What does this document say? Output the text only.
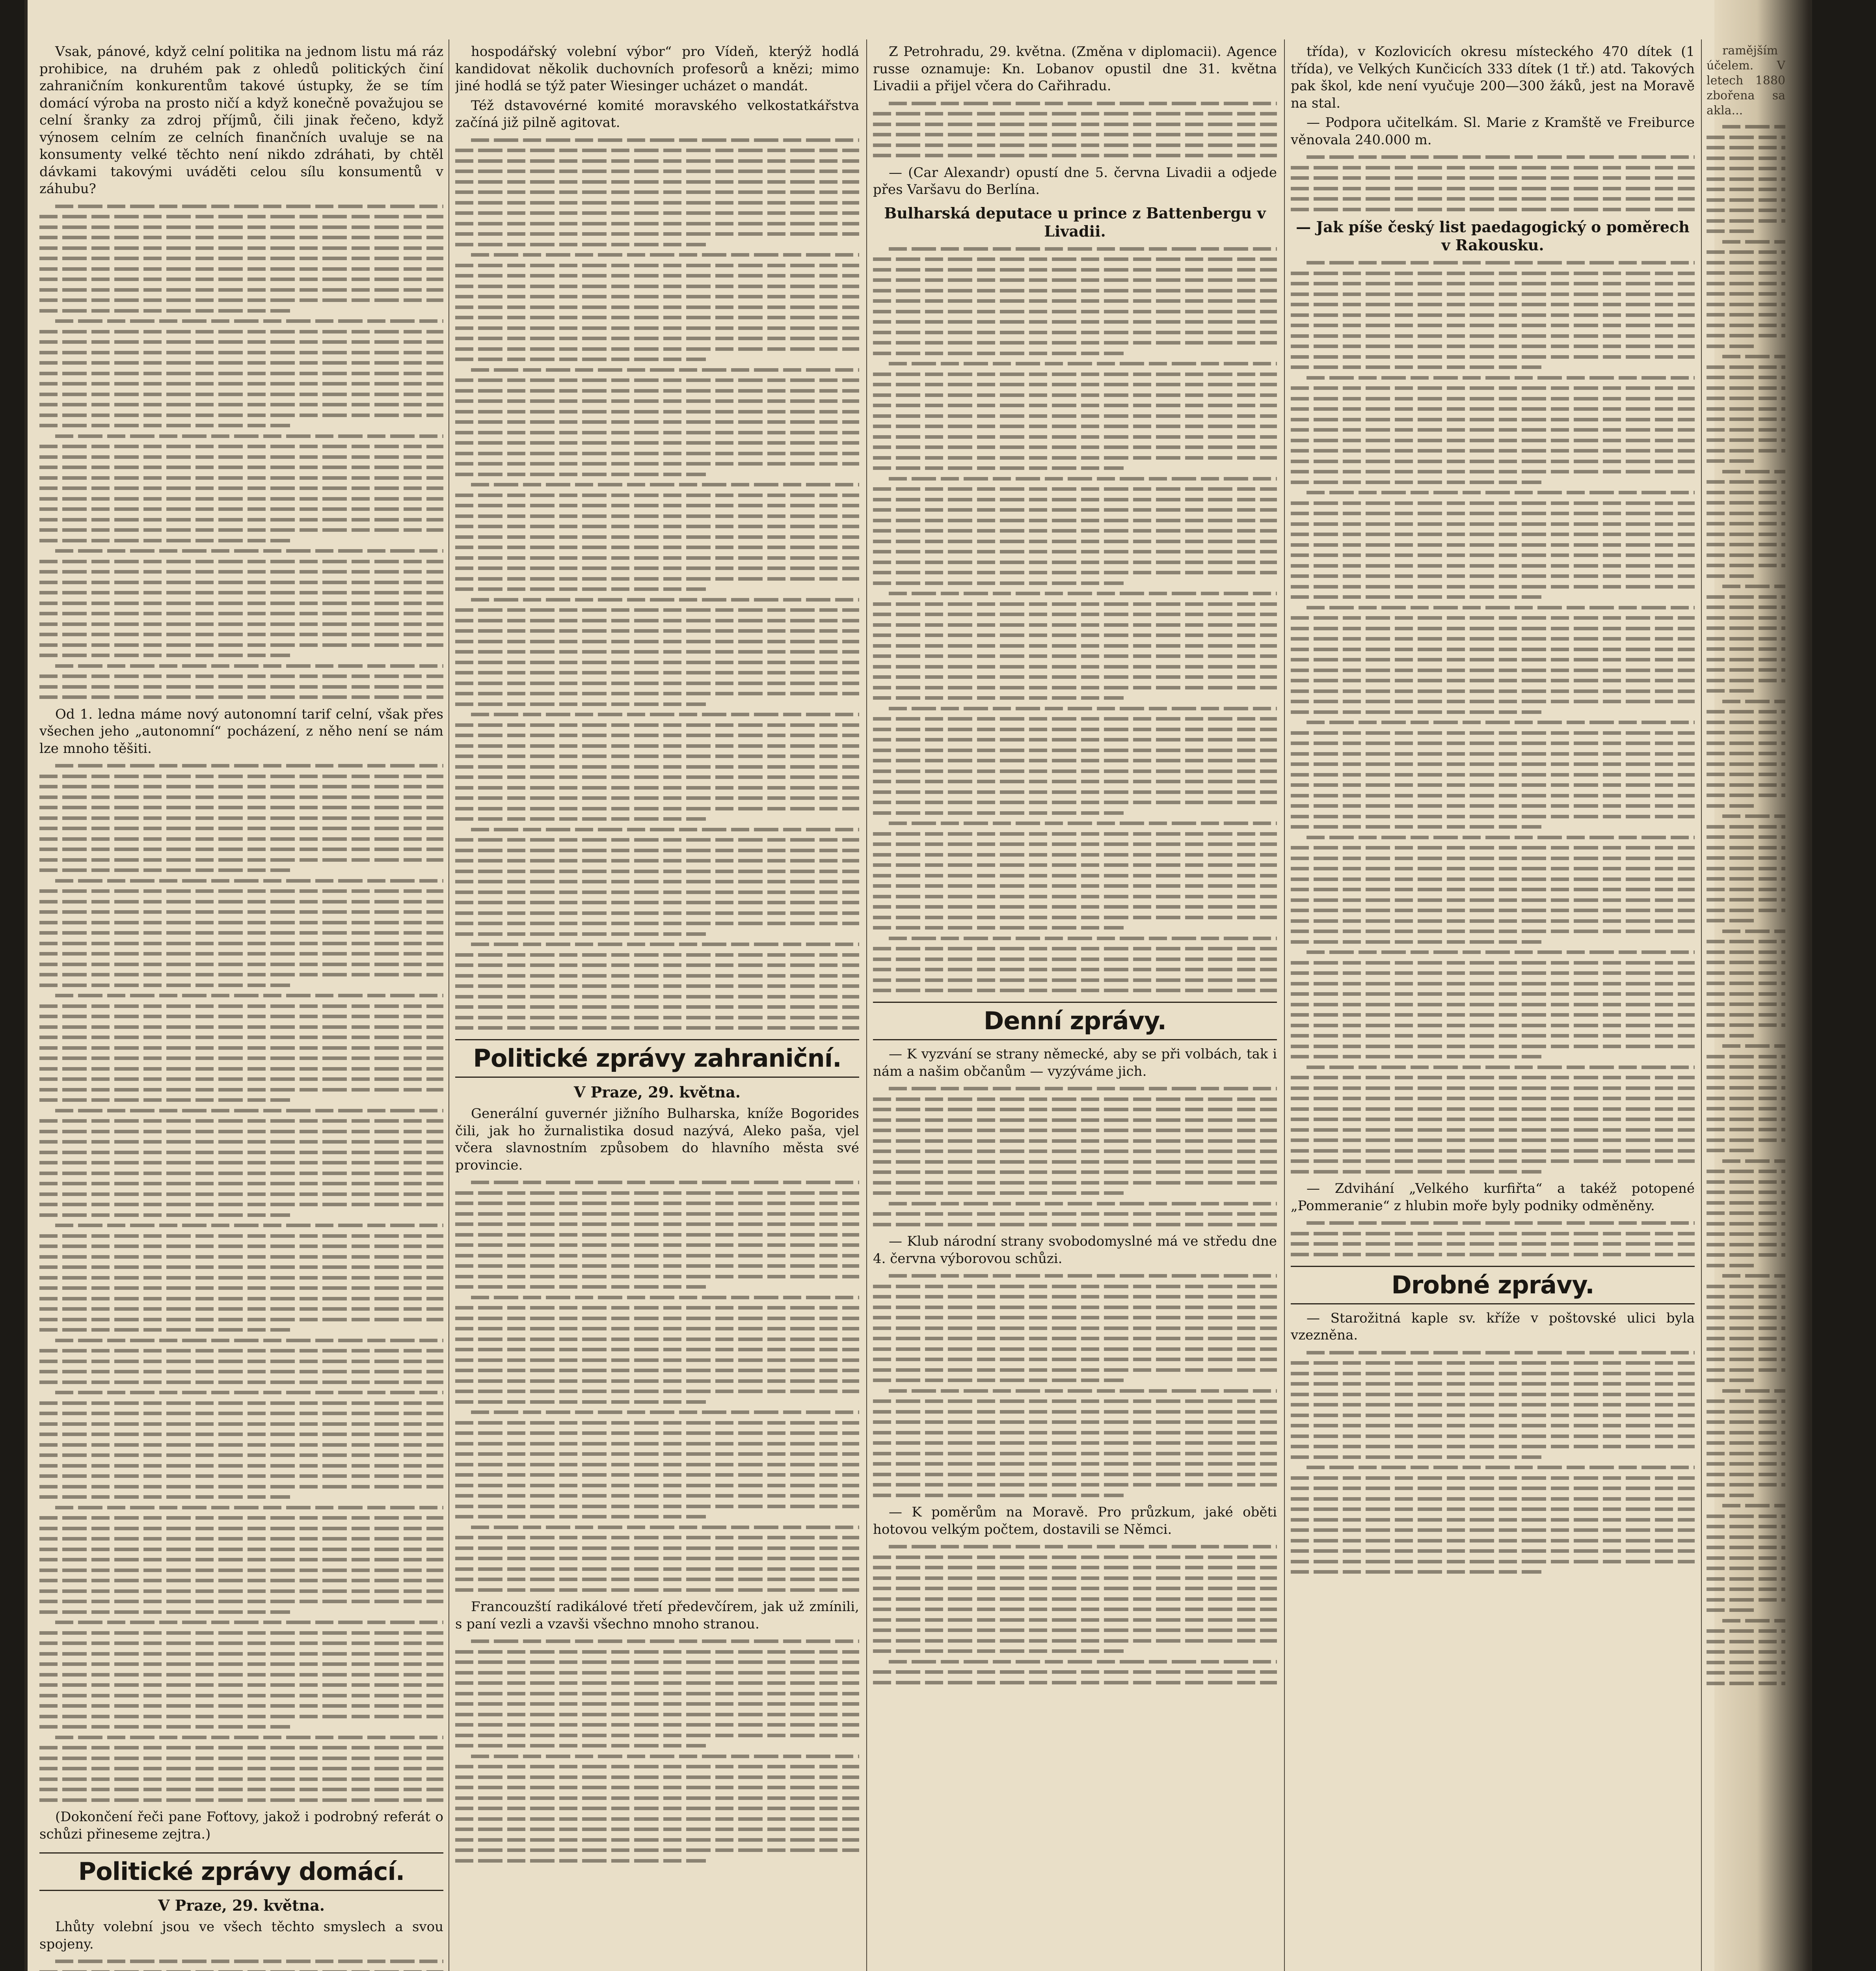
Vsak, pánové, když celní politika na jednom listu má ráz prohibice, na druhém pak z ohledů politických činí zahraničním konkurentům takové ústupky, že se tím domácí výroba na prosto ničí a když konečně považujou se celní šranky za zdroj příjmů, čili jinak řečeno, když výnosem celním ze celních finančních uvaluje se na konsumenty velké těchto není nikdo zdráhati, by chtěl dávkami takovými uváděti celou sílu konsumentů v záhubu?

Od 1. ledna máme nový autonomní tarif celní, však přes všechen jeho „autonomní“ pocházení, z něho není se nám lze mnoho těšiti.

(Dokončení řeči pane Foťtovy, jakož i podrobný referát o schůzi přineseme zejtra.)

Politické zprávy domácí.
V Praze, 29. května.

Lhůty volební jsou ve všech těchto smyslech a svou spojeny.

hospodářský volební výbor“ pro Vídeň, kterýž hodlá kandidovat několik duchovních profesorů a knězi; mimo jiné hodlá se týž pater Wiesinger ucházet o mandát.

Též dstavovérné komité moravského velkostatkářstva začíná již pilně agitovat.

Politické zprávy zahraniční.
V Praze, 29. května.

Generální guvernér jižního Bulharska, kníže Bogorides čili, jak ho žurnalistika dosud nazývá, Aleko paša, vjel včera slavnostním způsobem do hlavního města své provincie.

Francouzští radikálové třetí předevčírem, jak už zmínili, s paní vezli a vzavši všechno mnoho stranou.

Z Petrohradu, 29. května. (Změna v diplomacii). Agence russe oznamuje: Kn. Lobanov opustil dne 31. května Livadii a přijel včera do Cařihradu.

— (Car Alexandr) opustí dne 5. června Livadii a odjede přes Varšavu do Berlína.

Bulharská deputace u prince z Battenbergu v Livadii.
Denní zprávy.

— K vyzvání se strany německé, aby se při volbách, tak i nám a našim občanům — vyzýváme jich.

— Klub národní strany svobodomyslné má ve středu dne 4. června výborovou schůzi.

— K poměrům na Moravě. Pro průzkum, jaké oběti hotovou velkým počtem, dostavili se Němci.

třída), v Kozlovicích okresu místeckého 470 dítek (1 třída), ve Velkých Kunčicích 333 dítek (1 tř.) atd. Takových pak škol, kde není vyučuje 200—300 žáků, jest na Moravě na stal.

— Podpora učitelkám. Sl. Marie z Kramště ve Freiburce věnovala 240.000 m.

— Jak píše český list paedagogický o poměrech v Rakousku.

— Zdvihání „Velkého kurfiřta“ a takéž potopené „Pommeranie“ z hlubin moře byly podniky odměněny.

Drobné zprávy.

— Starožitná kaple sv. kříže v poštovské ulici byla vzezněna.

ramějším účelem. V letech 1880 zbořena sa akla...
